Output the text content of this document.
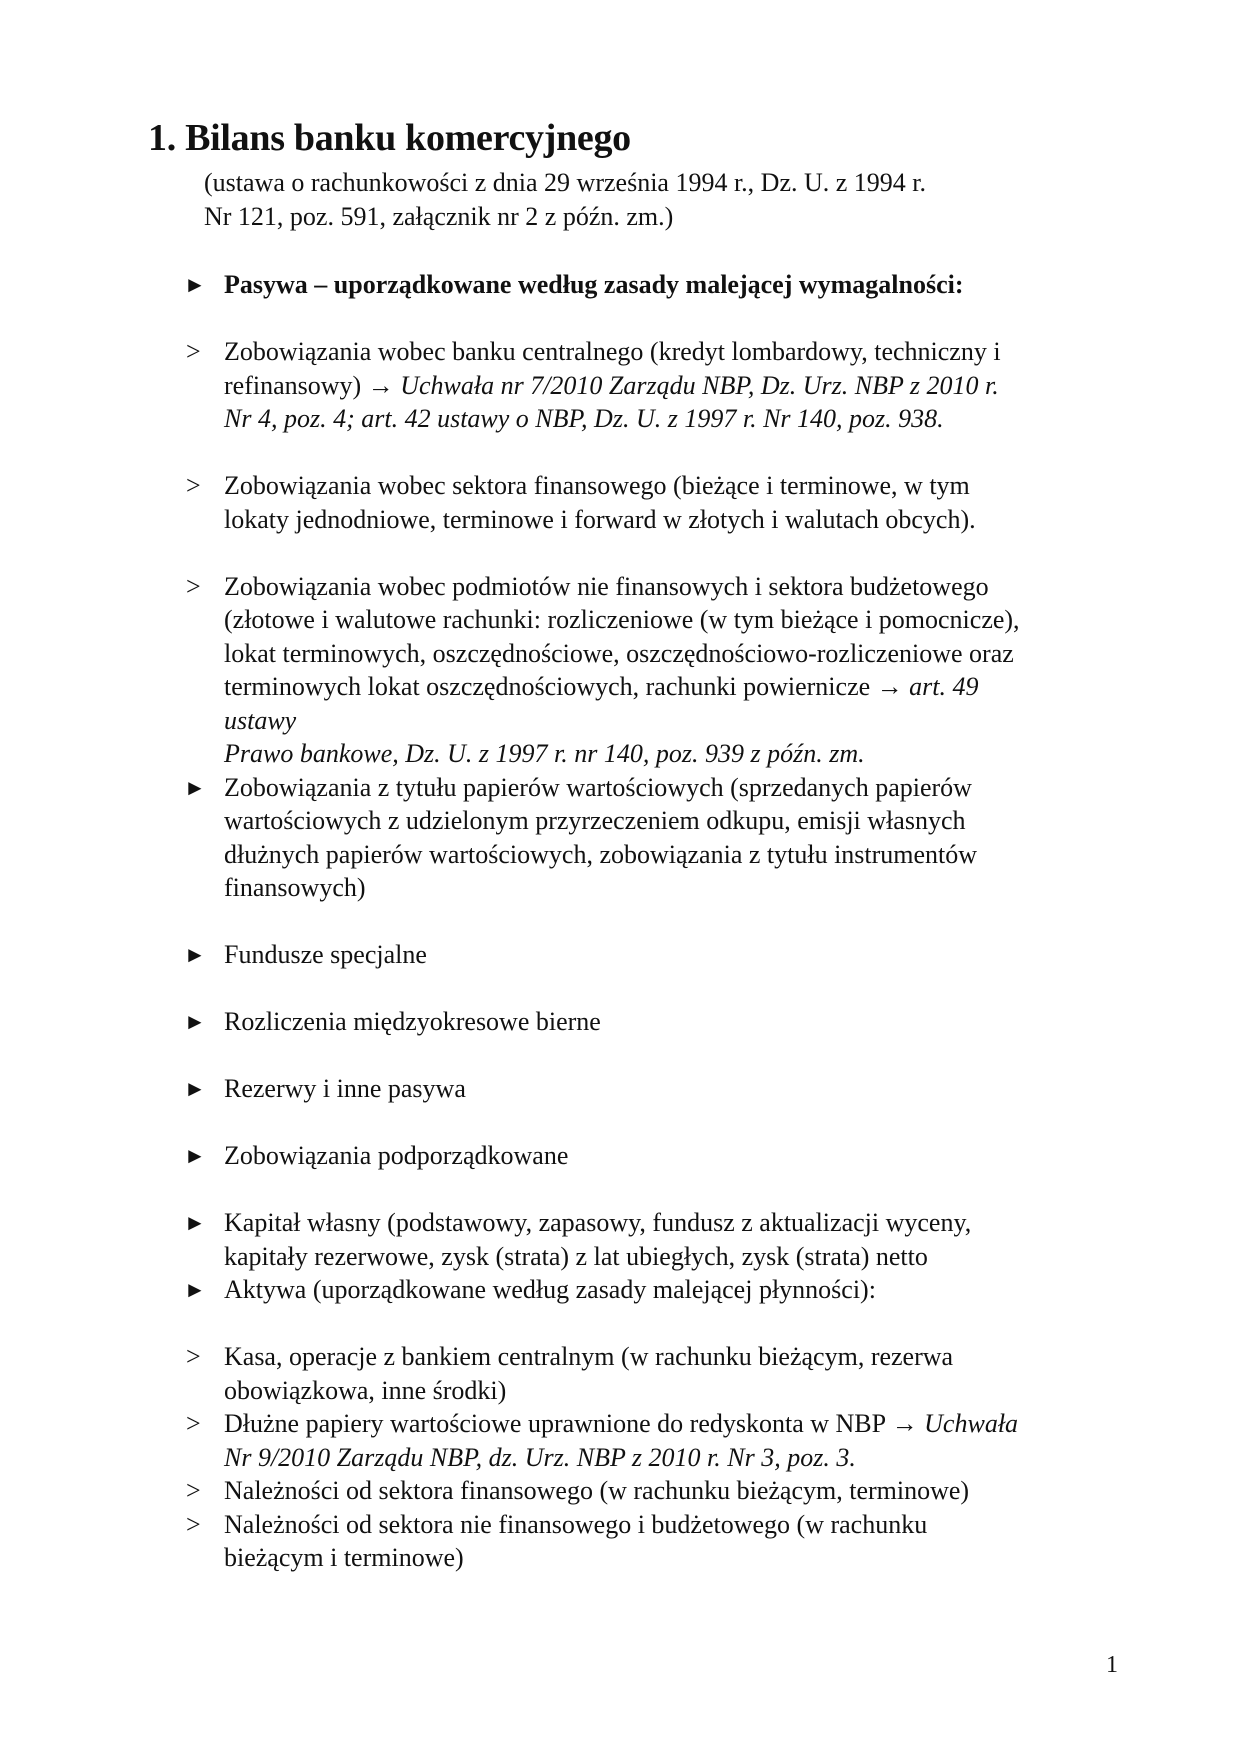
1. Bilans banku komercyjnego
(ustawa o rachunkowości z dnia 29 września 1994 r., Dz. U. z 1994 r.
Nr 121, poz. 591, załącznik nr 2 z późn. zm.)
► Pasywa – uporządkowane według zasady malejącej wymagalności:
> Zobowiązania wobec banku centralnego (kredyt lombardowy, techniczny i
refinansowy) → Uchwała nr 7/2010 Zarządu NBP, Dz. Urz. NBP z 2010 r.
Nr 4, poz. 4; art. 42 ustawy o NBP, Dz. U. z 1997 r. Nr 140, poz. 938.
> Zobowiązania wobec sektora finansowego (bieżące i terminowe, w tym
lokaty jednodniowe, terminowe i forward w złotych i walutach obcych).
> Zobowiązania wobec podmiotów nie finansowych i sektora budżetowego
(złotowe i walutowe rachunki: rozliczeniowe (w tym bieżące i pomocnicze),
lokat terminowych, oszczędnościowe, oszczędnościowo-rozliczeniowe oraz
terminowych lokat oszczędnościowych, rachunki powiernicze → art. 49
ustawy
Prawo bankowe, Dz. U. z 1997 r. nr 140, poz. 939 z późn. zm.
► Zobowiązania z tytułu papierów wartościowych (sprzedanych papierów
wartościowych z udzielonym przyrzeczeniem odkupu, emisji własnych
dłużnych papierów wartościowych, zobowiązania z tytułu instrumentów
finansowych)
► Fundusze specjalne
► Rozliczenia międzyokresowe bierne
► Rezerwy i inne pasywa
► Zobowiązania podporządkowane
► Kapitał własny (podstawowy, zapasowy, fundusz z aktualizacji wyceny,
kapitały rezerwowe, zysk (strata) z lat ubiegłych, zysk (strata) netto
► Aktywa (uporządkowane według zasady malejącej płynności):
> Kasa, operacje z bankiem centralnym (w rachunku bieżącym, rezerwa
obowiązkowa, inne środki)
> Dłużne papiery wartościowe uprawnione do redyskonta w NBP → Uchwała
Nr 9/2010 Zarządu NBP, dz. Urz. NBP z 2010 r. Nr 3, poz. 3.
> Należności od sektora finansowego (w rachunku bieżącym, terminowe)
> Należności od sektora nie finansowego i budżetowego (w rachunku
bieżącym i terminowe)
1
